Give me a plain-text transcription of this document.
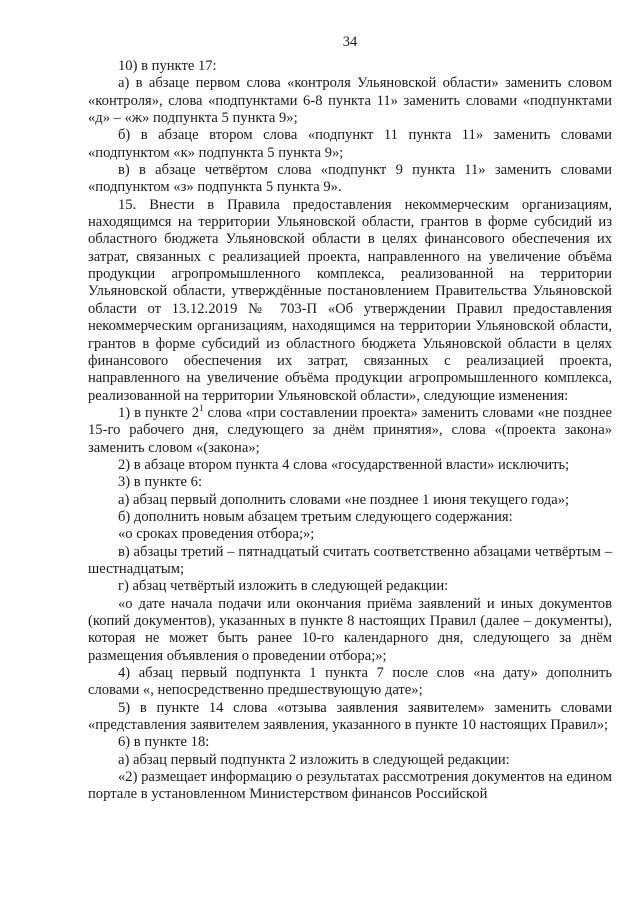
34

10) в пункте 17:

а) в абзаце первом слова «контроля Ульяновской области» заменить словом «контроля», слова «подпунктами 6-8 пункта 11» заменить словами «подпунктами «д» – «ж» подпункта 5 пункта 9»;

б) в абзаце втором слова «подпункт 11 пункта 11» заменить словами «подпунктом «к» подпункта 5 пункта 9»;

в) в абзаце четвёртом слова «подпункт 9 пункта 11» заменить словами «подпунктом «з» подпункта 5 пункта 9».

15. Внести в Правила предоставления некоммерческим организациям, находящимся на территории Ульяновской области, грантов в форме субсидий из областного бюджета Ульяновской области в целях финансового обеспечения их затрат, связанных с реализацией проекта, направленного на увеличение объёма продукции агропромышленного комплекса, реализованной на территории Ульяновской области, утверждённые постановлением Правительства Ульяновской области от 13.12.2019 № 703-П «Об утверждении Правил предоставления некоммерческим организациям, находящимся на территории Ульяновской области, грантов в форме субсидий из областного бюджета Ульяновской области в целях финансового обеспечения их затрат, связанных с реализацией проекта, направленного на увеличение объёма продукции агропромышленного комплекса, реализованной на территории Ульяновской области», следующие изменения:

1) в пункте $2^1$ слова «при составлении проекта» заменить словами «не позднее 15-го рабочего дня, следующего за днём принятия», слова «(проекта закона» заменить словом «(закона»;

2) в абзаце втором пункта 4 слова «государственной власти» исключить;

3) в пункте 6:

а) абзац первый дополнить словами «не позднее 1 июня текущего года»;

б) дополнить новым абзацем третьим следующего содержания:

«о сроках проведения отбора;»;

в) абзацы третий – пятнадцатый считать соответственно абзацами четвёртым – шестнадцатым;

г) абзац четвёртый изложить в следующей редакции:

«о дате начала подачи или окончания приёма заявлений и иных документов (копий документов), указанных в пункте 8 настоящих Правил (далее – документы), которая не может быть ранее 10-го календарного дня, следующего за днём размещения объявления о проведении отбора;»;

4) абзац первый подпункта 1 пункта 7 после слов «на дату» дополнить словами «, непосредственно предшествующую дате»;

5) в пункте 14 слова «отзыва заявления заявителем» заменить словами «представления заявителем заявления, указанного в пункте 10 настоящих Правил»;

6) в пункте 18:

а) абзац первый подпункта 2 изложить в следующей редакции:

«2) размещает информацию о результатах рассмотрения документов на едином портале в установленном Министерством финансов Российской
